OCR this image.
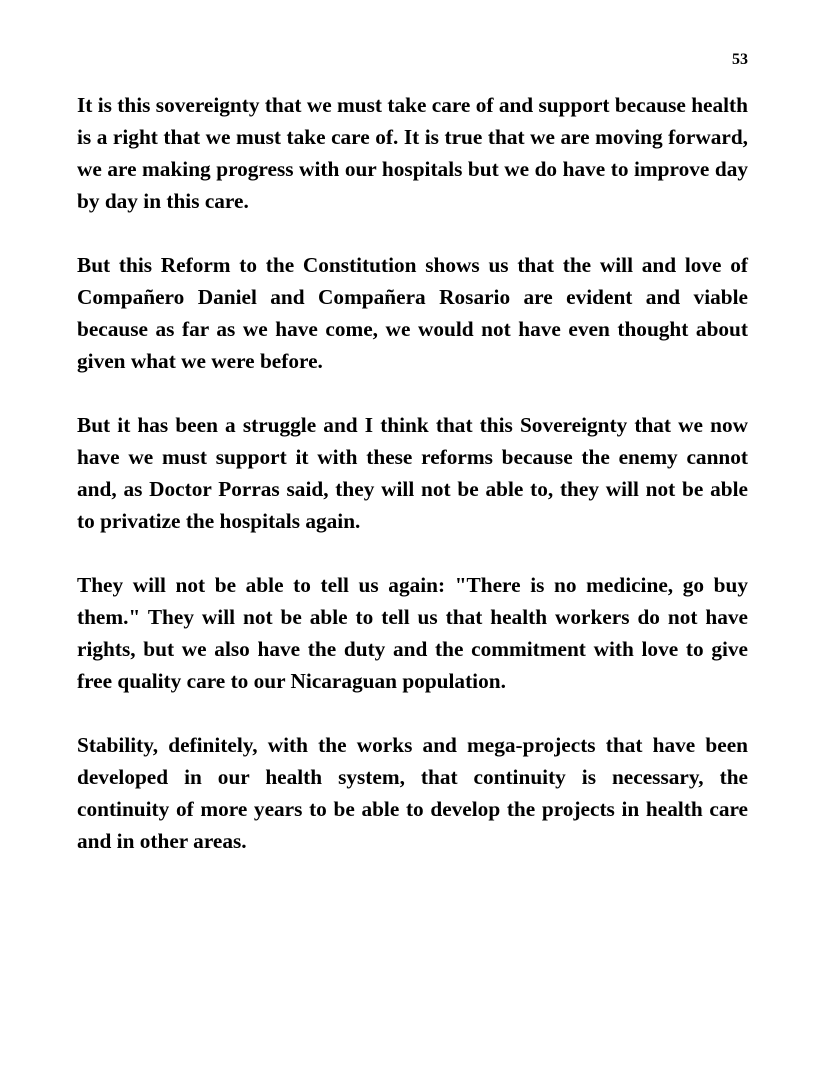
53

It is this sovereignty that we must take care of and support because health is a right that we must take care of. It is true that we are moving forward, we are making progress with our hospitals but we do have to improve day by day in this care.

But this Reform to the Constitution shows us that the will and love of Compañero Daniel and Compañera Rosario are evident and viable because as far as we have come, we would not have even thought about given what we were before.

But it has been a struggle and I think that this Sovereignty that we now have we must support it with these reforms because the enemy cannot and, as Doctor Porras said, they will not be able to, they will not be able to privatize the hospitals again.

They will not be able to tell us again: "There is no medicine, go buy them." They will not be able to tell us that health workers do not have rights, but we also have the duty and the commitment with love to give free quality care to our Nicaraguan population.

Stability, definitely, with the works and mega-projects that have been developed in our health system, that continuity is necessary, the continuity of more years to be able to develop the projects in health care and in other areas.
